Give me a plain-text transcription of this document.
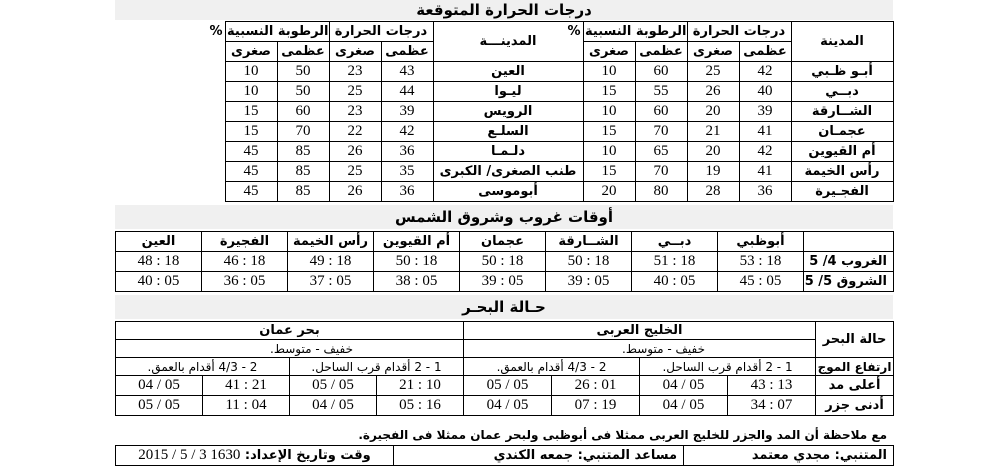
درجات الحرارة المتوقعة
المدينة	درجات الحرارة		الرطوبة النسبية %		المدينـــة	درجات الحرارة		الرطوبة النسبية %		
	عظمى	صغرى	عظمى	صغرى		عظمى	صغرى	عظمى	صغرى	
أبـو ظـبي	42	25	60	10	العين	43	23	50	10	
دبــي	40	26	55	15	ليـوا	44	25	50	10	
الشــارقة	39	20	60	10	الرويس	39	23	60	15	
عجمـان	41	21	70	15	السلـع	42	22	70	15	
أم القيوين	42	20	65	10	دلـمـا	36	26	85	45	
رأس الخيمة	41	19	70	15	طنب الصغرى/ الكبرى	35	25	85	45	
الفجـيرة	36	28	80	20	أبوموسى	36	26	85	45	
أوقات غروب وشروق الشمس
	أبوظبي	دبــي	الشــارقة	عجمان	أم القيوين	رأس الخيمة	الفجيرة	العين
الغروب 4/ 5	18 : 53	18 : 51	18 : 50	18 : 50	18 : 50	18 : 49	18 : 46	18 : 48
الشروق 5/ 5	05 : 45	05 : 40	05 : 39	05 : 39	05 : 38	05 : 37	05 : 36	05 : 40
حـالة البحـر
حالة البحر	الخليج العربى				بحر عمان			
	خفيف - متوسط.				خفيف - متوسط.			
ارتفاع الموج	1 - 2 أقدام قرب الساحل.		2 - 4/3 أقدام بالعمق.		1 - 2 أقدام قرب الساحل.		2 - 4/3 أقدام بالعمق.	
أعلى مد	13 : 43	05 / 04	01 : 26	05 / 05	10 : 21	05 / 05	21 : 41	05 / 04
أدنى جزر	07 : 34	05 / 04	19 : 07	05 / 04	16 : 05	05 / 04	04 : 11	05 / 05
مع ملاحظة أن المد والجزر للخليج العربى ممثلا فى أبوظبى ولبحر عمان ممثلا فى الفجيرة.
المتنبي: مجدي معتمد	مساعد المتنبي: جمعه الكندي	وقت وتاريخ الإعداد: 1630 3 / 5 / 2015
